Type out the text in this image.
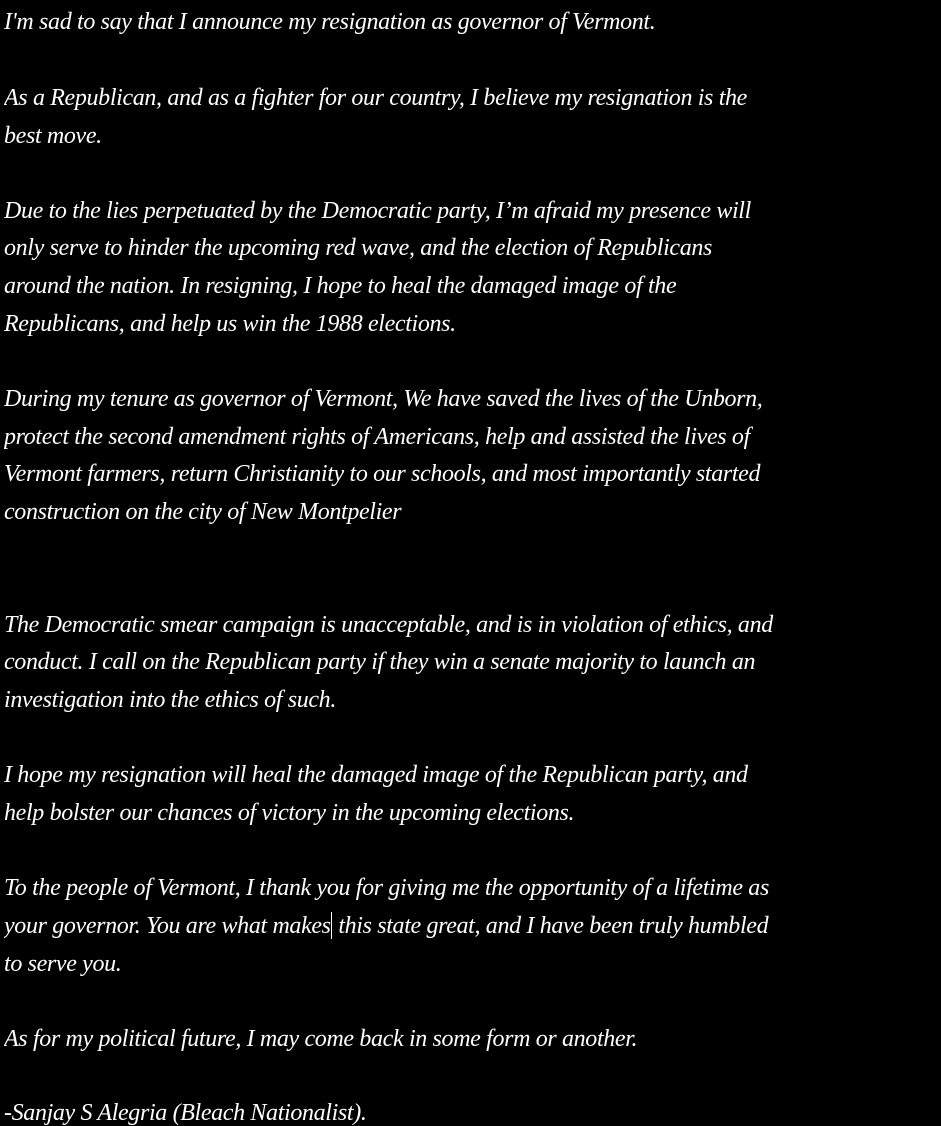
I'm sad to say that I announce my resignation as governor of Vermont.
As a Republican, and as a fighter for our country, I believe my resignation is the
best move.
Due to the lies perpetuated by the Democratic party, I’m afraid my presence will
only serve to hinder the upcoming red wave, and the election of Republicans
around the nation. In resigning, I hope to heal the damaged image of the
Republicans, and help us win the 1988 elections.
During my tenure as governor of Vermont, We have saved the lives of the Unborn,
protect the second amendment rights of Americans, help and assisted the lives of
Vermont farmers, return Christianity to our schools, and most importantly started
construction on the city of New Montpelier
The Democratic smear campaign is unacceptable, and is in violation of ethics, and
conduct. I call on the Republican party if they win a senate majority to launch an
investigation into the ethics of such.
I hope my resignation will heal the damaged image of the Republican party, and
help bolster our chances of victory in the upcoming elections.
To the people of Vermont, I thank you for giving me the opportunity of a lifetime as
your governor. You are what makes this state great, and I have been truly humbled
to serve you.
As for my political future, I may come back in some form or another.
-Sanjay S Alegria (Bleach Nationalist).
